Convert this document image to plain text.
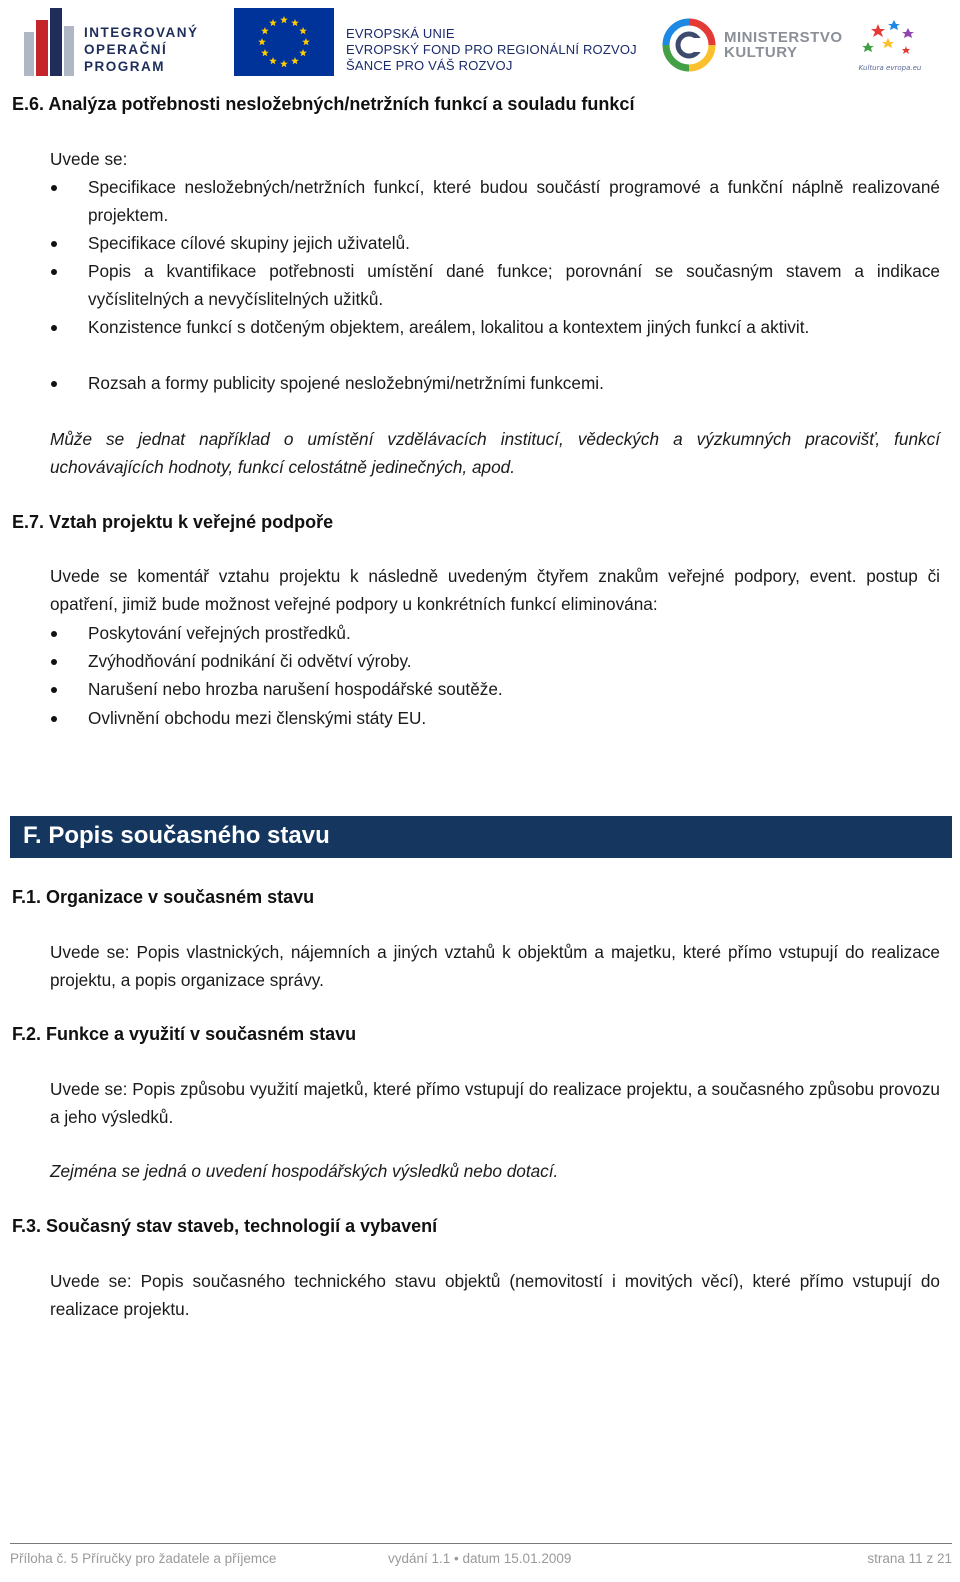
INTEGROVANÝ
OPERAČNÍ
PROGRAM
EVROPSKÁ UNIE
EVROPSKÝ FOND PRO REGIONÁLNÍ ROZVOJ
ŠANCE PRO VÁŠ ROZVOJ
MINISTERSTVO
KULTURY
Kultura evropa.eu
E.6. Analýza potřebnosti nesložebných/netržních funkcí a souladu funkcí
Uvede se:
Specifikace nesložebných/netržních funkcí, které budou součástí programové a funkční náplně realizované projektem.
Specifikace cílové skupiny jejich uživatelů.
Popis a kvantifikace potřebnosti umístění dané funkce; porovnání se současným stavem a indikace vyčíslitelných a nevyčíslitelných užitků.
Konzistence funkcí s dotčeným objektem, areálem, lokalitou a kontextem jiných funkcí a aktivit.
Rozsah a formy publicity spojené nesložebnými/netržními funkcemi.
Může se jednat například o umístění vzdělávacích institucí, vědeckých a výzkumných pracovišť, funkcí uchovávajících hodnoty, funkcí celostátně jedinečných, apod.
E.7. Vztah projektu k veřejné podpoře
Uvede se komentář vztahu projektu k následně uvedeným čtyřem znakům veřejné podpory, event. postup či opatření, jimiž bude možnost veřejné podpory u konkrétních funkcí eliminována:
Poskytování veřejných prostředků.
Zvýhodňování podnikání či odvětví výroby.
Narušení nebo hrozba narušení hospodářské soutěže.
Ovlivnění obchodu mezi členskými státy EU.
F. Popis současného stavu
F.1. Organizace v současném stavu
Uvede se: Popis vlastnických, nájemních a jiných vztahů k objektům a majetku, které přímo vstupují do realizace projektu, a popis organizace správy.
F.2. Funkce a využití v současném stavu
Uvede se: Popis způsobu využití majetků, které přímo vstupují do realizace projektu, a současného způsobu provozu a jeho výsledků.
Zejména se jedná o uvedení hospodářských výsledků nebo dotací.
F.3. Současný stav staveb, technologií a vybavení
Uvede se: Popis současného technického stavu objektů (nemovitostí i movitých věcí), které přímo vstupují do realizace projektu.
Příloha č. 5 Příručky pro žadatele a příjemce	vydání 1.1 • datum 15.01.2009	strana 11 z 21
